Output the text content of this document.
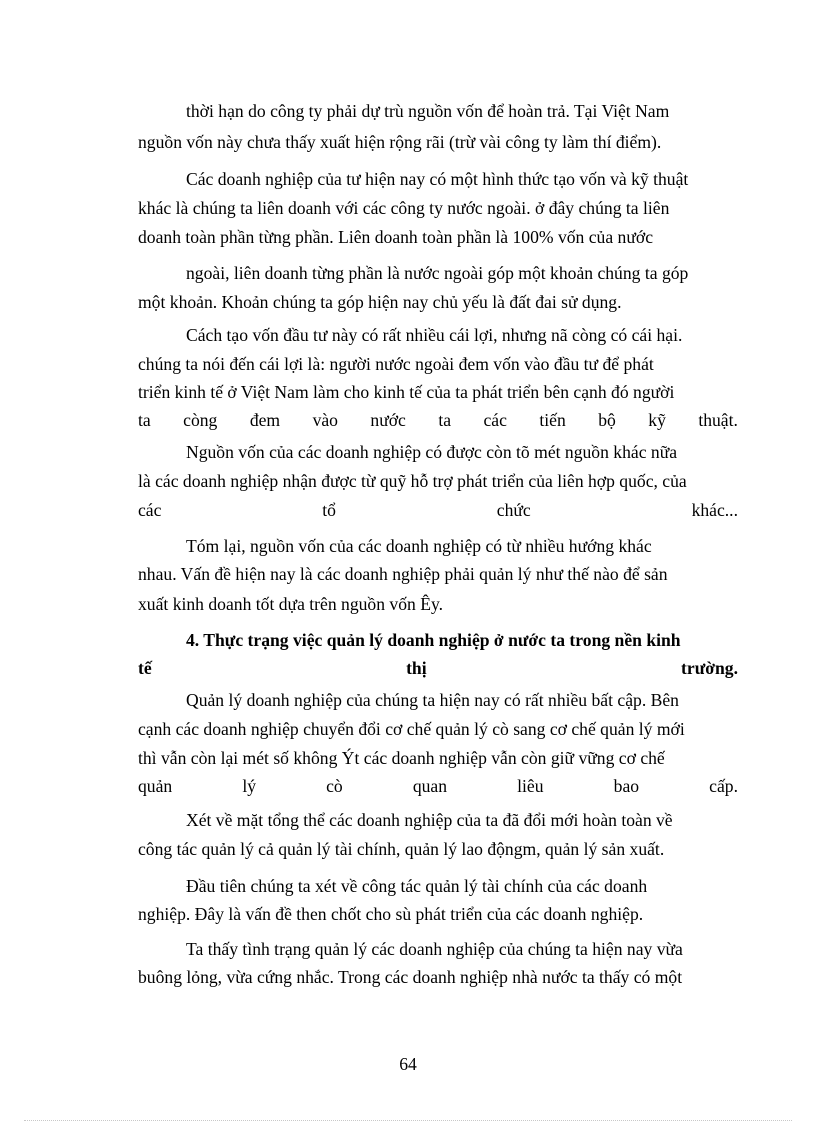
thời hạn do công ty phải dự trù nguồn vốn để hoàn trả. Tại Việt Nam
nguồn vốn này chưa thấy xuất hiện rộng rãi (trừ vài công ty làm thí điểm).
Các doanh nghiệp của tư hiện nay có một hình thức tạo vốn và kỹ thuật
khác là chúng ta liên doanh với các công ty nước ngoài. ở đây chúng ta liên
doanh toàn phần từng phần. Liên doanh toàn phần là 100% vốn của nước
ngoài, liên doanh từng phần là nước ngoài góp một khoản chúng ta góp
một khoản. Khoản chúng ta góp hiện nay chủ yếu là đất đai sử dụng.
Cách tạo vốn đầu tư này có rất nhiều cái lợi, nhưng nã còng có cái hại.
chúng ta nói đến cái lợi là: người nước ngoài đem vốn vào đầu tư để phát
triển kinh tế ở Việt Nam làm cho kinh tế của ta phát triển bên cạnh đó người
ta còng đem vào nước ta các tiến bộ kỹ thuật.
Nguồn vốn của các doanh nghiệp có được còn tõ mét nguồn khác nữa
là các doanh nghiệp nhận được từ quỹ hỗ trợ phát triển của liên hợp quốc, của
các	tổ	chức	khác...
Tóm lại, nguồn vốn của các doanh nghiệp có từ nhiều hướng khác
nhau. Vấn đề hiện nay là các doanh nghiệp phải quản lý như thế nào để sản
xuất kinh doanh tốt dựa trên nguồn vốn Êy.
4. Thực trạng việc quản lý doanh nghiệp ở nước ta trong nền kinh
tế	thị	trường.
Quản lý doanh nghiệp của chúng ta hiện nay có rất nhiều bất cập. Bên
cạnh các doanh nghiệp chuyển đổi cơ chế quản lý cò sang cơ chế quản lý mới
thì vẫn còn lại mét số không Ýt các doanh nghiệp vẫn còn giữ vững cơ chế
quản	lý	cò	quan	liêu	bao	cấp.
Xét về mặt tổng thể các doanh nghiệp của ta đã đổi mới hoàn toàn về
công tác quản lý cả quản lý tài chính, quản lý lao độngm, quản lý sản xuất.
Đầu tiên chúng ta xét về công tác quản lý tài chính của các doanh
nghiệp. Đây là vấn đề then chốt cho sù phát triển của các doanh nghiệp.
Ta thấy tình trạng quản lý các doanh nghiệp của chúng ta hiện nay vừa
buông lỏng, vừa cứng nhắc. Trong các doanh nghiệp nhà nước ta thấy có một
64
